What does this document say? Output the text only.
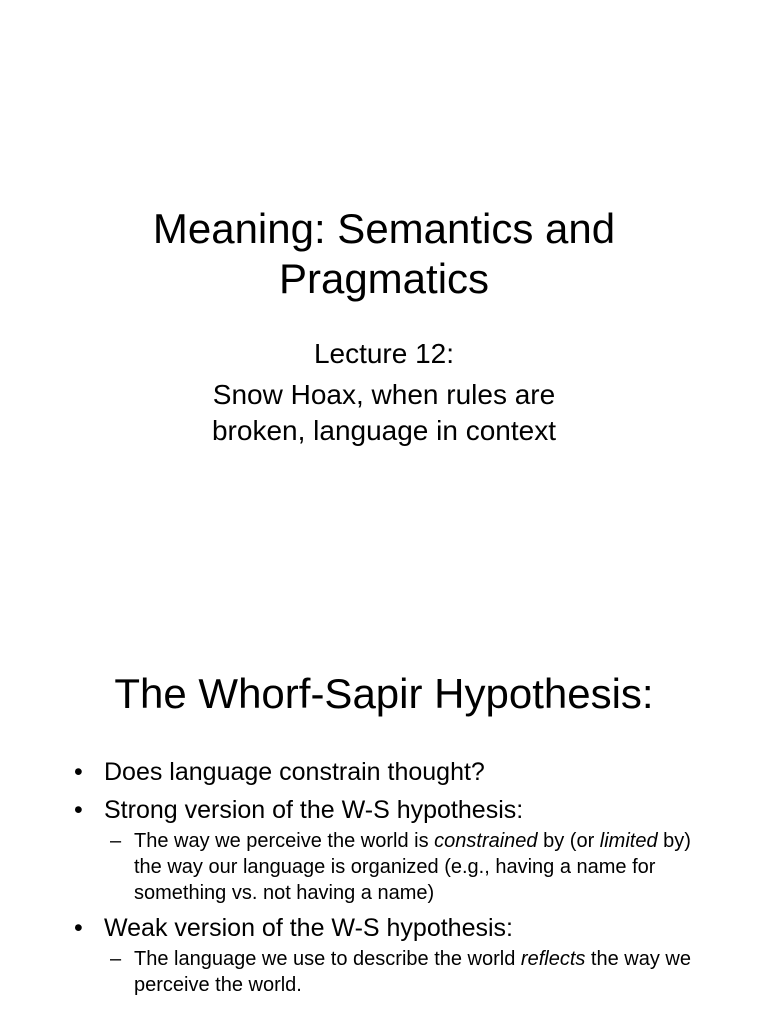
Meaning: Semantics and
Pragmatics

Lecture 12:

Snow Hoax, when rules are
broken, language in context

The Whorf-Sapir Hypothesis:
• Does language constrain thought?
• Strong version of the W-S hypothesis:
– The way we perceive the world is constrained by (or limited by) the way our language is organized (e.g., having a name for something vs. not having a name)
• Weak version of the W-S hypothesis:
– The language we use to describe the world reflects the way we perceive the world.
